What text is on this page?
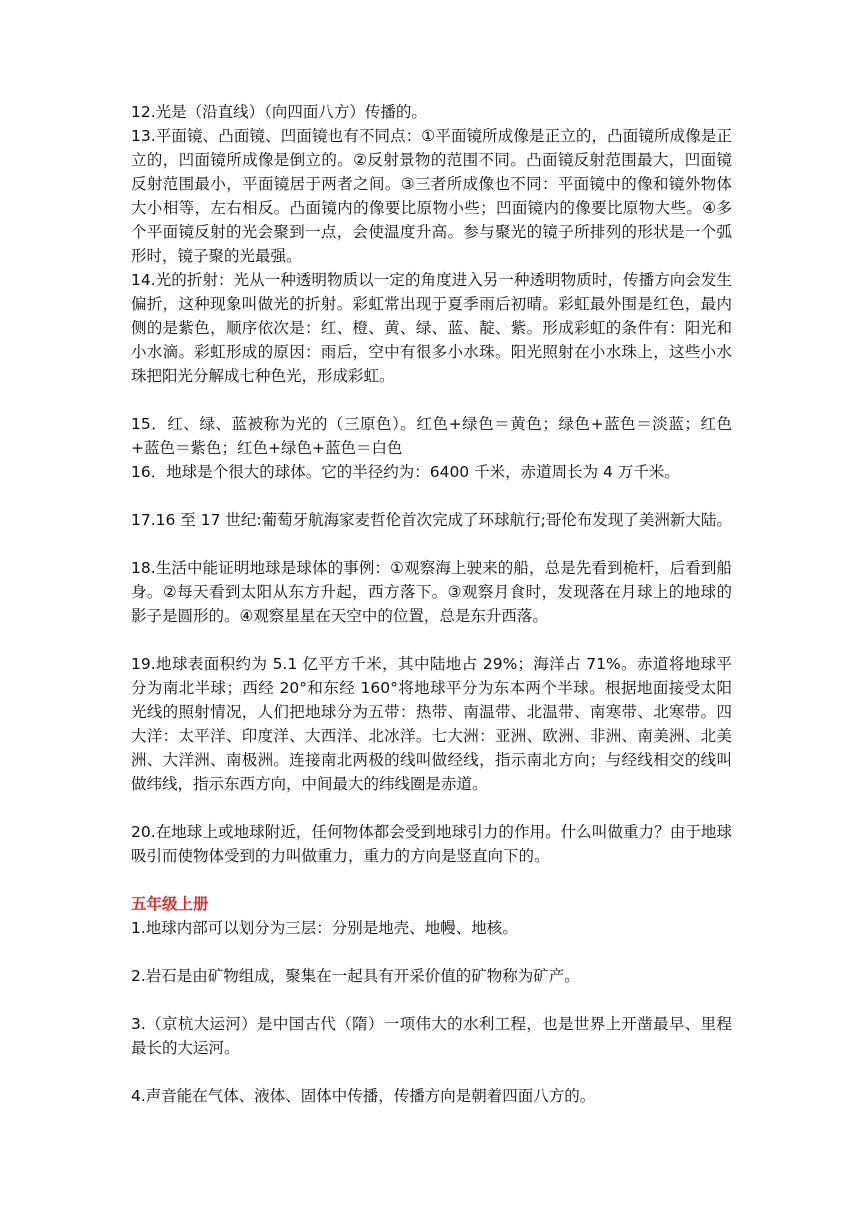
12.光是（沿直线）（向四面八方）传播的。

13.平面镜、凸面镜、凹面镜也有不同点：①平面镜所成像是正立的，凸面镜所成像是正立的，凹面镜所成像是倒立的。②反射景物的范围不同。凸面镜反射范围最大，凹面镜反射范围最小，平面镜居于两者之间。③三者所成像也不同：平面镜中的像和镜外物体大小相等，左右相反。凸面镜内的像要比原物小些；凹面镜内的像要比原物大些。④多个平面镜反射的光会聚到一点，会使温度升高。参与聚光的镜子所排列的形状是一个弧形时，镜子聚的光最强。

14.光的折射：光从一种透明物质以一定的角度进入另一种透明物质时，传播方向会发生偏折，这种现象叫做光的折射。彩虹常出现于夏季雨后初晴。彩虹最外围是红色，最内侧的是紫色，顺序依次是：红、橙、黄、绿、蓝、靛、紫。形成彩虹的条件有：阳光和小水滴。彩虹形成的原因：雨后，空中有很多小水珠。阳光照射在小水珠上，这些小水珠把阳光分解成七种色光，形成彩虹。

15．红、绿、蓝被称为光的（三原色）。红色+绿色＝黄色；绿色+蓝色＝淡蓝；红色+蓝色＝紫色；红色+绿色+蓝色＝白色

16．地球是个很大的球体。它的半径约为：6400 千米，赤道周长为 4 万千米。

17.16 至 17 世纪:葡萄牙航海家麦哲伦首次完成了环球航行;哥伦布发现了美洲新大陆。

18.生活中能证明地球是球体的事例：①观察海上驶来的船，总是先看到桅杆，后看到船身。②每天看到太阳从东方升起，西方落下。③观察月食时，发现落在月球上的地球的影子是圆形的。④观察星星在天空中的位置，总是东升西落。

19.地球表面积约为 5.1 亿平方千米，其中陆地占 29%；海洋占 71%。赤道将地球平分为南北半球；西经 20°和东经 160°将地球平分为东本两个半球。根据地面接受太阳光线的照射情况，人们把地球分为五带：热带、南温带、北温带、南寒带、北寒带。四大洋：太平洋、印度洋、大西洋、北冰洋。七大洲：亚洲、欧洲、非洲、南美洲、北美洲、大洋洲、南极洲。连接南北两极的线叫做经线，指示南北方向；与经线相交的线叫做纬线，指示东西方向，中间最大的纬线圈是赤道。

20.在地球上或地球附近，任何物体都会受到地球引力的作用。什么叫做重力？由于地球吸引而使物体受到的力叫做重力，重力的方向是竖直向下的。

五年级上册

1.地球内部可以划分为三层：分别是地壳、地幔、地核。

2.岩石是由矿物组成，聚集在一起具有开采价值的矿物称为矿产。

3.（京杭大运河）是中国古代（隋）一项伟大的水利工程，也是世界上开凿最早、里程最长的大运河。

4.声音能在气体、液体、固体中传播，传播方向是朝着四面八方的。
